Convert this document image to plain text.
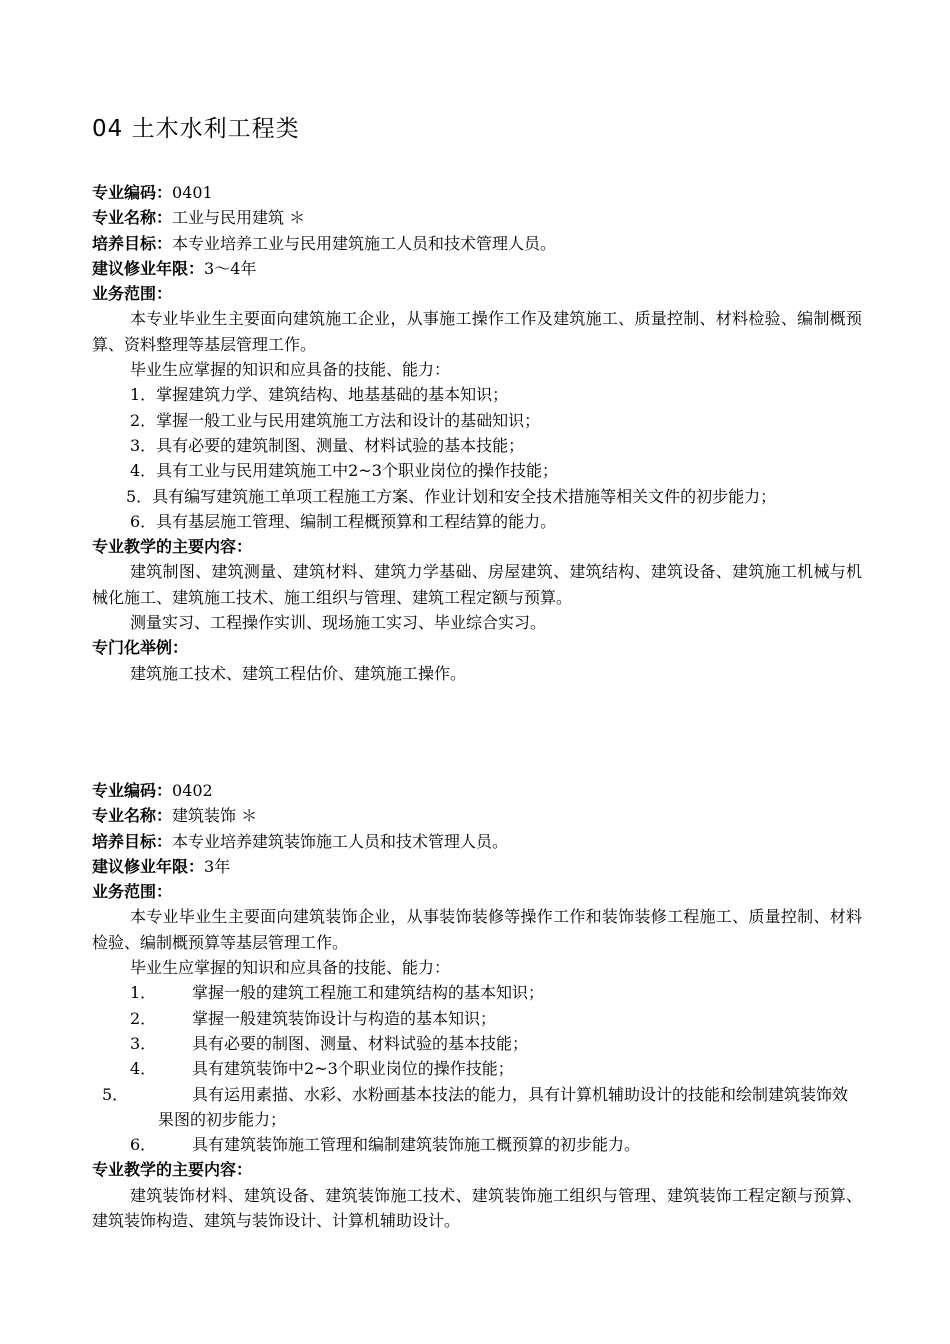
04 土木水利工程类
专业编码：0401
专业名称：工业与民用建筑 ＊
培养目标：本专业培养工业与民用建筑施工人员和技术管理人员。
建议修业年限：3～4年
业务范围：
本专业毕业生主要面向建筑施工企业，从事施工操作工作及建筑施工、质量控制、材料检验、编制概预算、资料整理等基层管理工作。
毕业生应掌握的知识和应具备的技能、能力：
1．掌握建筑力学、建筑结构、地基基础的基本知识；
2．掌握一般工业与民用建筑施工方法和设计的基础知识；
3．具有必要的建筑制图、测量、材料试验的基本技能；
4．具有工业与民用建筑施工中2~3个职业岗位的操作技能；
5．具有编写建筑施工单项工程施工方案、作业计划和安全技术措施等相关文件的初步能力；
6．具有基层施工管理、编制工程概预算和工程结算的能力。
专业教学的主要内容：
建筑制图、建筑测量、建筑材料、建筑力学基础、房屋建筑、建筑结构、建筑设备、建筑施工机械与机械化施工、建筑施工技术、施工组织与管理、建筑工程定额与预算。
测量实习、工程操作实训、现场施工实习、毕业综合实习。
专门化举例：
建筑施工技术、建筑工程估价、建筑施工操作。
专业编码：0402
专业名称：建筑装饰 ＊
培养目标：本专业培养建筑装饰施工人员和技术管理人员。
建议修业年限：3年
业务范围：
本专业毕业生主要面向建筑装饰企业，从事装饰装修等操作工作和装饰装修工程施工、质量控制、材料检验、编制概预算等基层管理工作。
毕业生应掌握的知识和应具备的技能、能力：
1． 掌握一般的建筑工程施工和建筑结构的基本知识；
2． 掌握一般建筑装饰设计与构造的基本知识；
3． 具有必要的制图、测量、材料试验的基本技能；
4． 具有建筑装饰中2~3个职业岗位的操作技能；
5．	具有运用素描、水彩、水粉画基本技法的能力，具有计算机辅助设计的技能和绘制建筑装饰效果图的初步能力；
6． 具有建筑装饰施工管理和编制建筑装饰施工概预算的初步能力。
专业教学的主要内容：
建筑装饰材料、建筑设备、建筑装饰施工技术、建筑装饰施工组织与管理、建筑装饰工程定额与预算、建筑装饰构造、建筑与装饰设计、计算机辅助设计。
